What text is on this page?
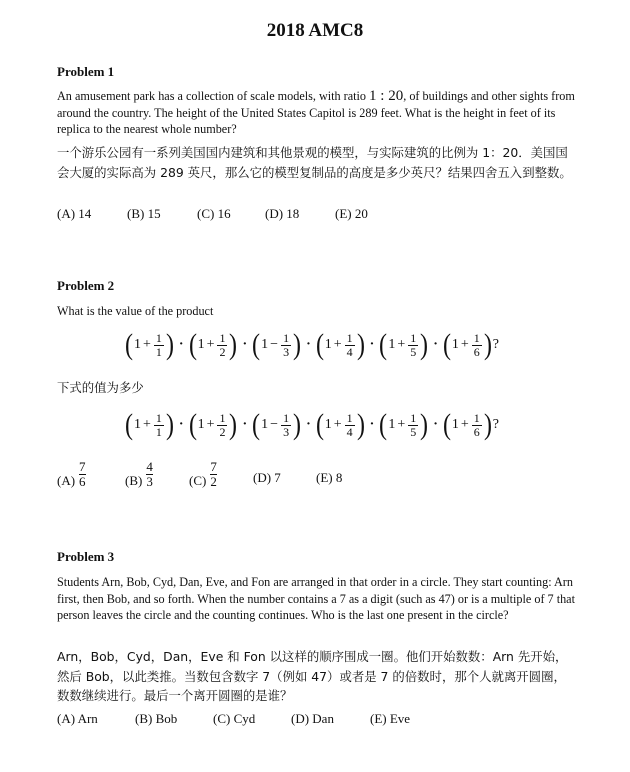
2018 AMC8
Problem 1
An amusement park has a collection of scale models, with ratio 1 : 20, of buildings and other sights from around the country. The height of the United States Capitol is 289 feet. What is the height in feet of its replica to the nearest whole number?
一个游乐公园有一系列美国国内建筑和其他景观的模型，与实际建筑的比例为 1：20．美国国会大厦的实际高为 289 英尺，那么它的模型复制品的高度是多少英尺？结果四舍五入到整数。
(A) 14	(B) 15	(C) 16	(D) 18	(E) 20
Problem 2
What is the value of the product
( $1 + \frac{1}{1}$ ) · ( $1 + \frac{1}{2}$ ) · ( $1 - \frac{1}{3}$ ) · ( $1 + \frac{1}{4}$ ) · ( $1 + \frac{1}{5}$ ) · ( $1 + \frac{1}{6}$ ) ?
下式的值为多少
( $1 + \frac{1}{1}$ ) · ( $1 + \frac{1}{2}$ ) · ( $1 - \frac{1}{3}$ ) · ( $1 + \frac{1}{4}$ ) · ( $1 + \frac{1}{5}$ ) · ( $1 + \frac{1}{6}$ ) ?
$(A) \frac{7}{6}$	$(B) \frac{4}{3}$	$(C) \frac{7}{2}$	(D) 7	(E) 8
Problem 3
Students Arn, Bob, Cyd, Dan, Eve, and Fon are arranged in that order in a circle. They start counting: Arn first, then Bob, and so forth. When the number contains a 7 as a digit (such as 47) or is a multiple of 7 that person leaves the circle and the counting continues. Who is the last one present in the circle?
Arn，Bob，Cyd，Dan，Eve 和 Fon 以这样的顺序围成一圈。他们开始数数：Arn 先开始，然后 Bob，以此类推。当数包含数字 7（例如 47）或者是 7 的倍数时，那个人就离开圆圈，数数继续进行。最后一个离开圆圈的是谁？
(A) Arn	(B) Bob	(C) Cyd	(D) Dan	(E) Eve
